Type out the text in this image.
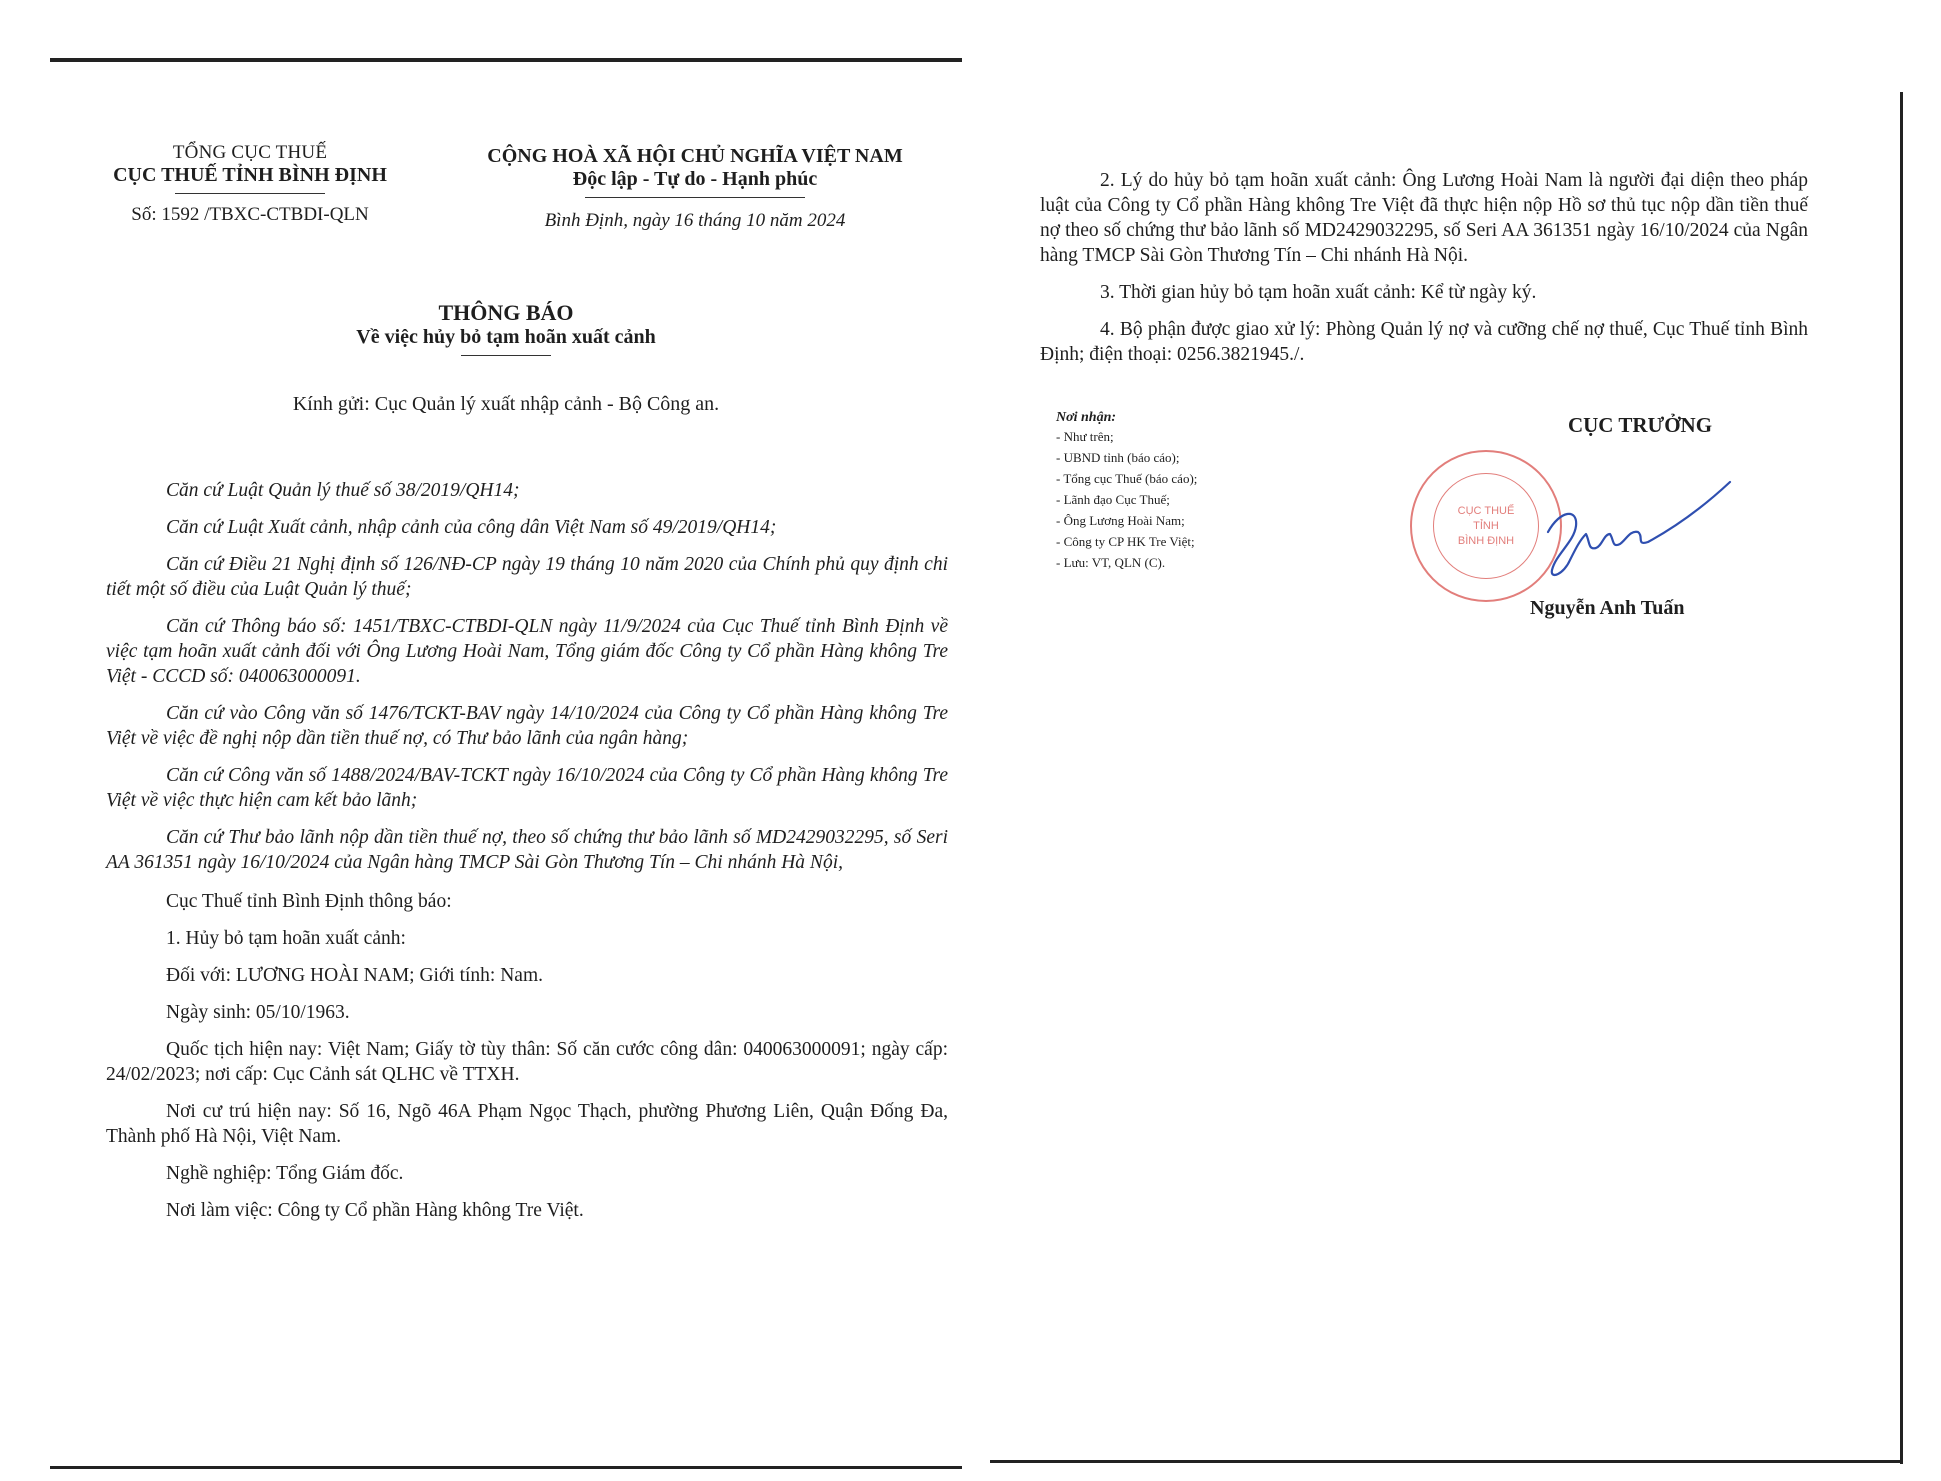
TỔNG CỤC THUẾ
CỤC THUẾ TỈNH BÌNH ĐỊNH
Số: 1592 /TBXC-CTBDI-QLN
CỘNG HOÀ XÃ HỘI CHỦ NGHĨA VIỆT NAM
Độc lập - Tự do - Hạnh phúc
Bình Định, ngày 16 tháng 10 năm 2024
THÔNG BÁO
Về việc hủy bỏ tạm hoãn xuất cảnh
Kính gửi: Cục Quản lý xuất nhập cảnh - Bộ Công an.

Căn cứ Luật Quản lý thuế số 38/2019/QH14;

Căn cứ Luật Xuất cảnh, nhập cảnh của công dân Việt Nam số 49/2019/QH14;

Căn cứ Điều 21 Nghị định số 126/NĐ-CP ngày 19 tháng 10 năm 2020 của Chính phủ quy định chi tiết một số điều của Luật Quản lý thuế;

Căn cứ Thông báo số: 1451/TBXC-CTBDI-QLN ngày 11/9/2024 của Cục Thuế tỉnh Bình Định về việc tạm hoãn xuất cảnh đối với Ông Lương Hoài Nam, Tổng giám đốc Công ty Cổ phần Hàng không Tre Việt - CCCD số: 040063000091.

Căn cứ vào Công văn số 1476/TCKT-BAV ngày 14/10/2024 của Công ty Cổ phần Hàng không Tre Việt về việc đề nghị nộp dần tiền thuế nợ, có Thư bảo lãnh của ngân hàng;

Căn cứ Công văn số 1488/2024/BAV-TCKT ngày 16/10/2024 của Công ty Cổ phần Hàng không Tre Việt về việc thực hiện cam kết bảo lãnh;

Căn cứ Thư bảo lãnh nộp dần tiền thuế nợ, theo số chứng thư bảo lãnh số MD2429032295, số Seri AA 361351 ngày 16/10/2024 của Ngân hàng TMCP Sài Gòn Thương Tín – Chi nhánh Hà Nội,

Cục Thuế tỉnh Bình Định thông báo:

1. Hủy bỏ tạm hoãn xuất cảnh:

Đối với: LƯƠNG HOÀI NAM; Giới tính: Nam.

Ngày sinh: 05/10/1963.

Quốc tịch hiện nay: Việt Nam; Giấy tờ tùy thân: Số căn cước công dân: 040063000091; ngày cấp: 24/02/2023; nơi cấp: Cục Cảnh sát QLHC về TTXH.

Nơi cư trú hiện nay: Số 16, Ngõ 46A Phạm Ngọc Thạch, phường Phương Liên, Quận Đống Đa, Thành phố Hà Nội, Việt Nam.

Nghề nghiệp: Tổng Giám đốc.

Nơi làm việc: Công ty Cổ phần Hàng không Tre Việt.

2. Lý do hủy bỏ tạm hoãn xuất cảnh: Ông Lương Hoài Nam là người đại diện theo pháp luật của Công ty Cổ phần Hàng không Tre Việt đã thực hiện nộp Hồ sơ thủ tục nộp dần tiền thuế nợ theo số chứng thư bảo lãnh số MD2429032295, số Seri AA 361351 ngày 16/10/2024 của Ngân hàng TMCP Sài Gòn Thương Tín – Chi nhánh Hà Nội.

3. Thời gian hủy bỏ tạm hoãn xuất cảnh: Kể từ ngày ký.

4. Bộ phận được giao xử lý: Phòng Quản lý nợ và cưỡng chế nợ thuế, Cục Thuế tỉnh Bình Định; điện thoại: 0256.3821945./.

Nơi nhận:
- Như trên;
- UBND tỉnh (báo cáo);
- Tổng cục Thuế (báo cáo);
- Lãnh đạo Cục Thuế;
- Ông Lương Hoài Nam;
- Công ty CP HK Tre Việt;
- Lưu: VT, QLN (C).
CỤC TRƯỞNG
CỤC THUẾ
TỈNH
BÌNH ĐỊNH
Nguyễn Anh Tuấn
